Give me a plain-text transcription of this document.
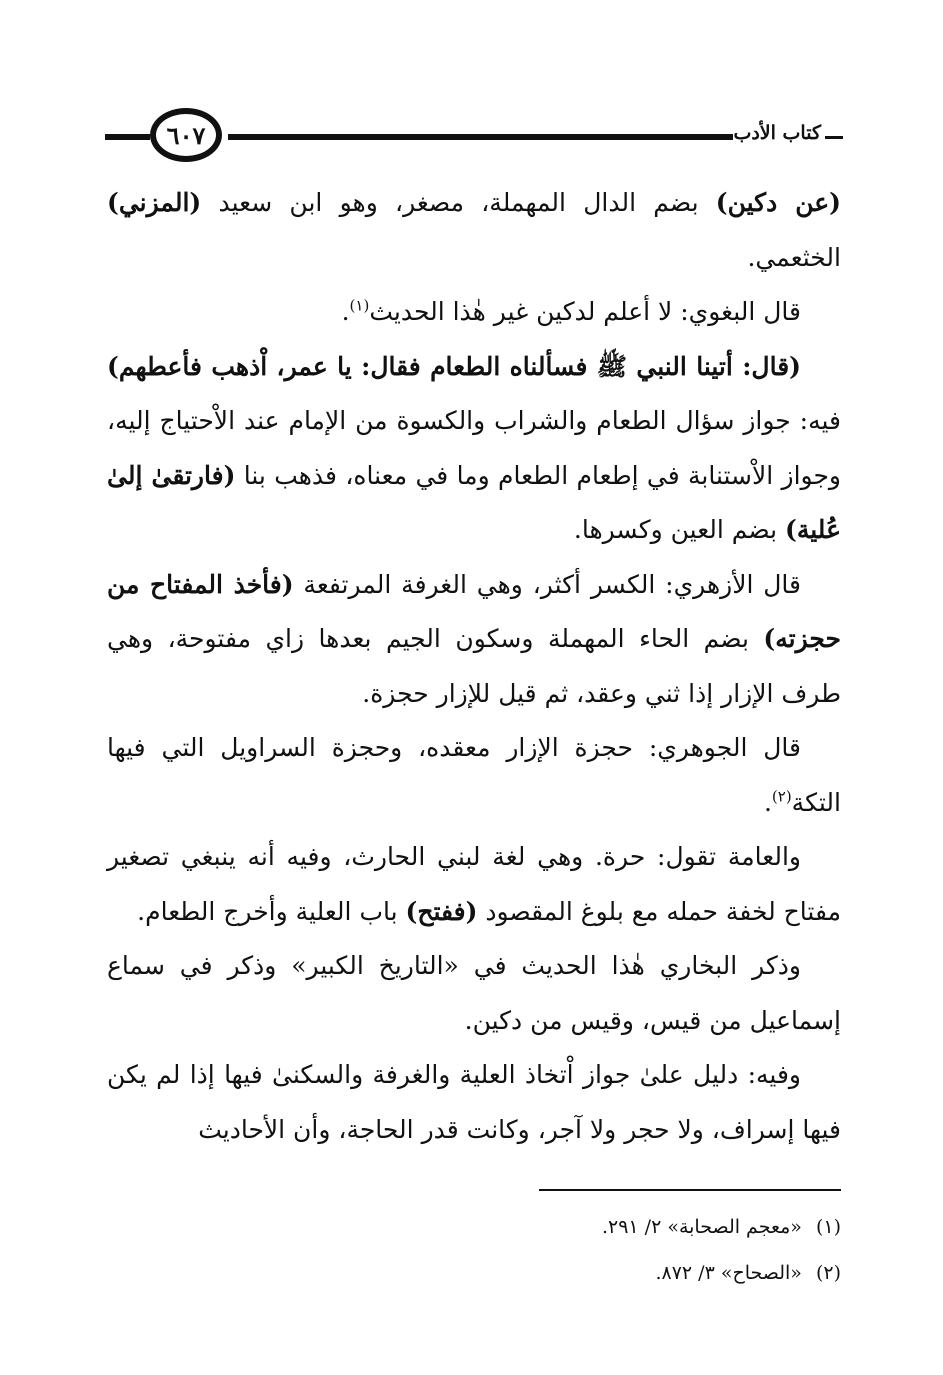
٦٠٧	كتاب الأدب

(عن دكين) بضم الدال المهملة، مصغر، وهو ابن سعيد (المزني) الخثعمي.

قال البغوي: لا أعلم لدكين غير هٰذا الحديث$^{(١)}$.

(قال: أتينا النبي ﷺ فسألناه الطعام فقال: يا عمر، اْذهب فأعطهم) فيه: جواز سؤال الطعام والشراب والكسوة من الإمام عند الاْحتياج إليه، وجواز الاْستنابة في إطعام الطعام وما في معناه، فذهب بنا (فارتقىٰ إلىٰ عُلية) بضم العين وكسرها.

قال الأزهري: الكسر أكثر، وهي الغرفة المرتفعة (فأخذ المفتاح من حجزته) بضم الحاء المهملة وسكون الجيم بعدها زاي مفتوحة، وهي طرف الإزار إذا ثني وعقد، ثم قيل للإزار حجزة.

قال الجوهري: حجزة الإزار معقده، وحجزة السراويل التي فيها التكة$^{(٢)}$.

والعامة تقول: حرة. وهي لغة لبني الحارث، وفيه أنه ينبغي تصغير مفتاح لخفة حمله مع بلوغ المقصود (ففتح) باب العلية وأخرج الطعام.

وذكر البخاري هٰذا الحديث في «التاريخ الكبير» وذكر في سماع إسماعيل من قيس، وقيس من دكين.

وفيه: دليل علىٰ جواز اْتخاذ العلية والغرفة والسكنىٰ فيها إذا لم يكن فيها إسراف، ولا حجر ولا آجر، وكانت قدر الحاجة، وأن الأحاديث

(١)«معجم الصحابة» ٢/ ٢٩١.
(٢)«الصحاح» ٣/ ٨٧٢.
